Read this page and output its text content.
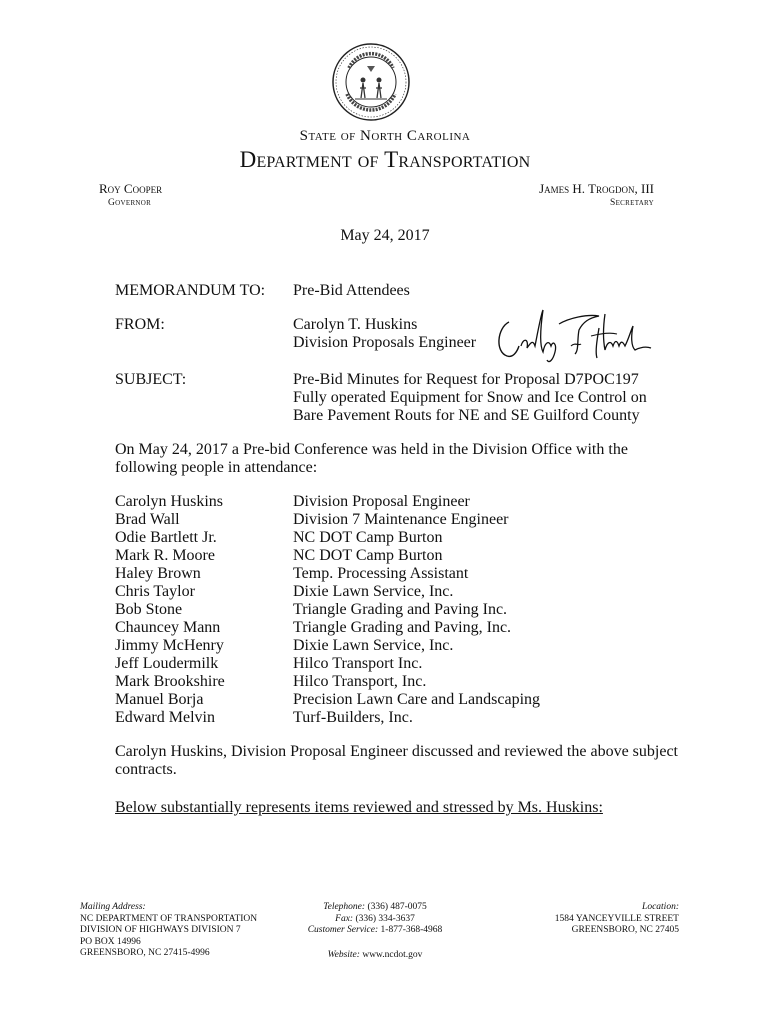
State of North Carolina
Department of Transportation
Roy Cooper
Governor
James H. Trogdon, III
Secretary
May 24, 2017
MEMORANDUM TO: Pre-Bid Attendees
FROM:	Carolyn T. Huskins
Division Proposals Engineer
SUBJECT:	Pre-Bid Minutes for Request for Proposal D7POC197
Fully operated Equipment for Snow and Ice Control on
Bare Pavement Routs for NE and SE Guilford County
On May 24, 2017 a Pre-bid Conference was held in the Division Office with the
following people in attendance:
Carolyn Huskins	Division Proposal Engineer
Brad Wall	Division 7 Maintenance Engineer
Odie Bartlett Jr.	NC DOT Camp Burton
Mark R. Moore	NC DOT Camp Burton
Haley Brown	Temp. Processing Assistant
Chris Taylor	Dixie Lawn Service, Inc.
Bob Stone	Triangle Grading and Paving Inc.
Chauncey Mann	Triangle Grading and Paving, Inc.
Jimmy McHenry	Dixie Lawn Service, Inc.
Jeff Loudermilk	Hilco Transport Inc.
Mark Brookshire	Hilco Transport, Inc.
Manuel Borja	Precision Lawn Care and Landscaping
Edward Melvin	Turf-Builders, Inc.
Carolyn Huskins, Division Proposal Engineer discussed and reviewed the above subject
contracts.
Below substantially represents items reviewed and stressed by Ms. Huskins:
Mailing Address:
NC DEPARTMENT OF TRANSPORTATION
DIVISION OF HIGHWAYS DIVISION 7
PO BOX 14996
GREENSBORO, NC 27415-4996
Telephone: (336) 487-0075
Fax: (336) 334-3637
Customer Service: 1-877-368-4968
Website: www.ncdot.gov
Location:
1584 YANCEYVILLE STREET
GREENSBORO, NC 27405
